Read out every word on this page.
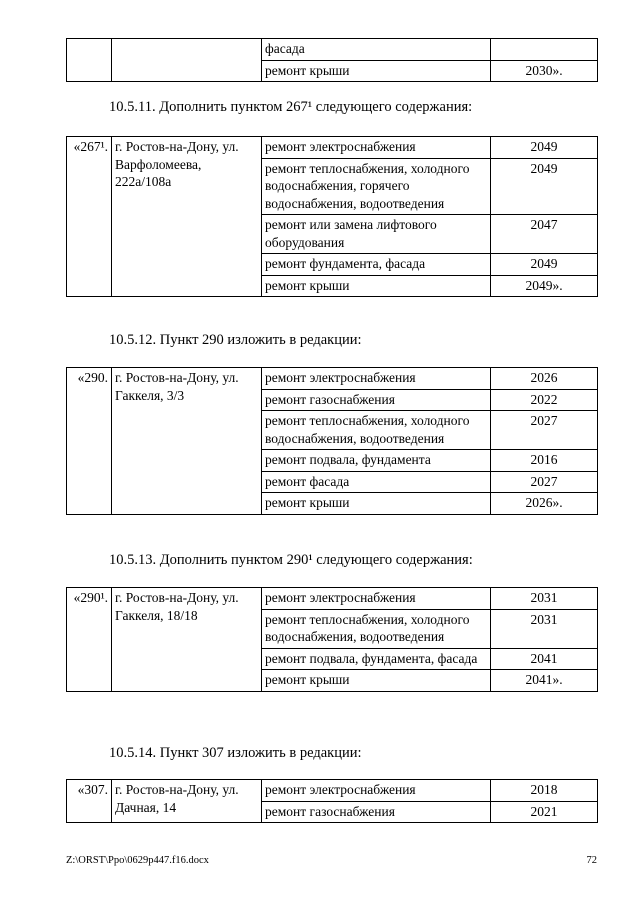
		фасада	
		ремонт крыши	2030».
10.5.11. Дополнить пунктом 267¹ следующего содержания:
«267¹.	г. Ростов-на-Дону, ул. Варфоломеева, 222а/108а	ремонт электроснабжения	2049
		ремонт теплоснабжения, холодного водоснабжения, горячего водоснабжения, водоотведения	2049
		ремонт или замена лифтового оборудования	2047
		ремонт фундамента, фасада	2049
		ремонт крыши	2049».
10.5.12. Пункт 290 изложить в редакции:
«290.	г. Ростов-на-Дону, ул. Гаккеля, 3/3	ремонт электроснабжения	2026
		ремонт газоснабжения	2022
		ремонт теплоснабжения, холодного водоснабжения, водоотведения	2027
		ремонт подвала, фундамента	2016
		ремонт фасада	2027
		ремонт крыши	2026».
10.5.13. Дополнить пунктом 290¹ следующего содержания:
«290¹.	г. Ростов-на-Дону, ул. Гаккеля, 18/18	ремонт электроснабжения	2031
		ремонт теплоснабжения, холодного водоснабжения, водоотведения	2031
		ремонт подвала, фундамента, фасада	2041
		ремонт крыши	2041».
10.5.14. Пункт 307 изложить в редакции:
«307.	г. Ростов-на-Дону, ул. Дачная, 14	ремонт электроснабжения	2018
		ремонт газоснабжения	2021
Z:\ORST\Ppo\0629p447.f16.docx	72
